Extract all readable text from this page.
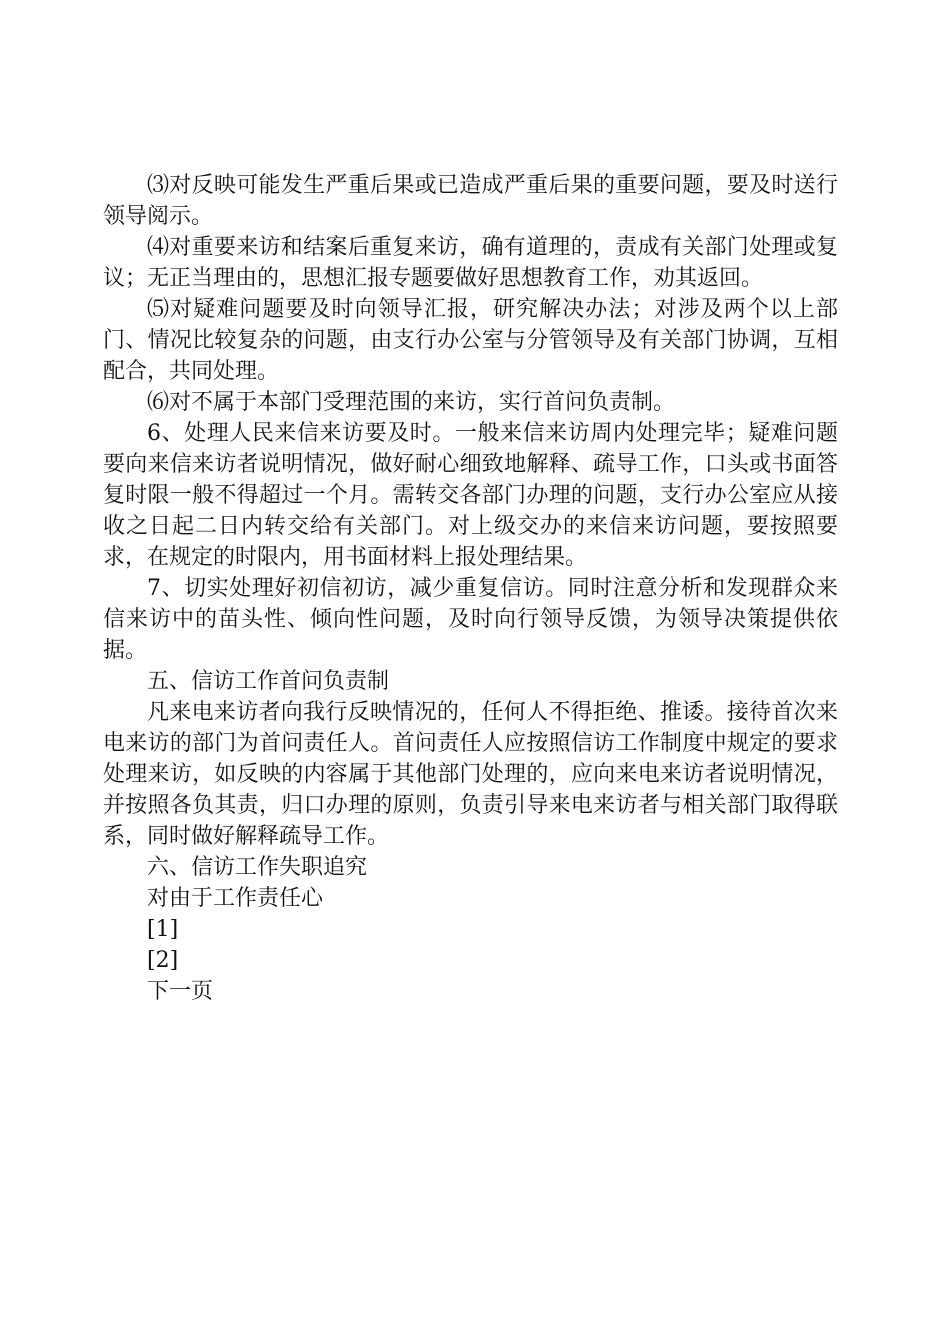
⑶对反映可能发生严重后果或已造成严重后果的重要问题，要及时送行领导阅示。

⑷对重要来访和结案后重复来访，确有道理的，责成有关部门处理或复议；无正当理由的，思想汇报专题要做好思想教育工作，劝其返回。

⑸对疑难问题要及时向领导汇报，研究解决办法；对涉及两个以上部门、情况比较复杂的问题，由支行办公室与分管领导及有关部门协调，互相配合，共同处理。

⑹对不属于本部门受理范围的来访，实行首问负责制。

6、处理人民来信来访要及时。一般来信来访周内处理完毕；疑难问题要向来信来访者说明情况，做好耐心细致地解释、疏导工作，口头或书面答复时限一般不得超过一个月。需转交各部门办理的问题，支行办公室应从接收之日起二日内转交给有关部门。对上级交办的来信来访问题，要按照要求，在规定的时限内，用书面材料上报处理结果。

7、切实处理好初信初访，减少重复信访。同时注意分析和发现群众来信来访中的苗头性、倾向性问题，及时向行领导反馈，为领导决策提供依据。

五、信访工作首问负责制

凡来电来访者向我行反映情况的，任何人不得拒绝、推诿。接待首次来电来访的部门为首问责任人。首问责任人应按照信访工作制度中规定的要求处理来访，如反映的内容属于其他部门处理的，应向来电来访者说明情况，并按照各负其责，归口办理的原则，负责引导来电来访者与相关部门取得联系，同时做好解释疏导工作。

六、信访工作失职追究

对由于工作责任心

[1]

[2]

下一页
